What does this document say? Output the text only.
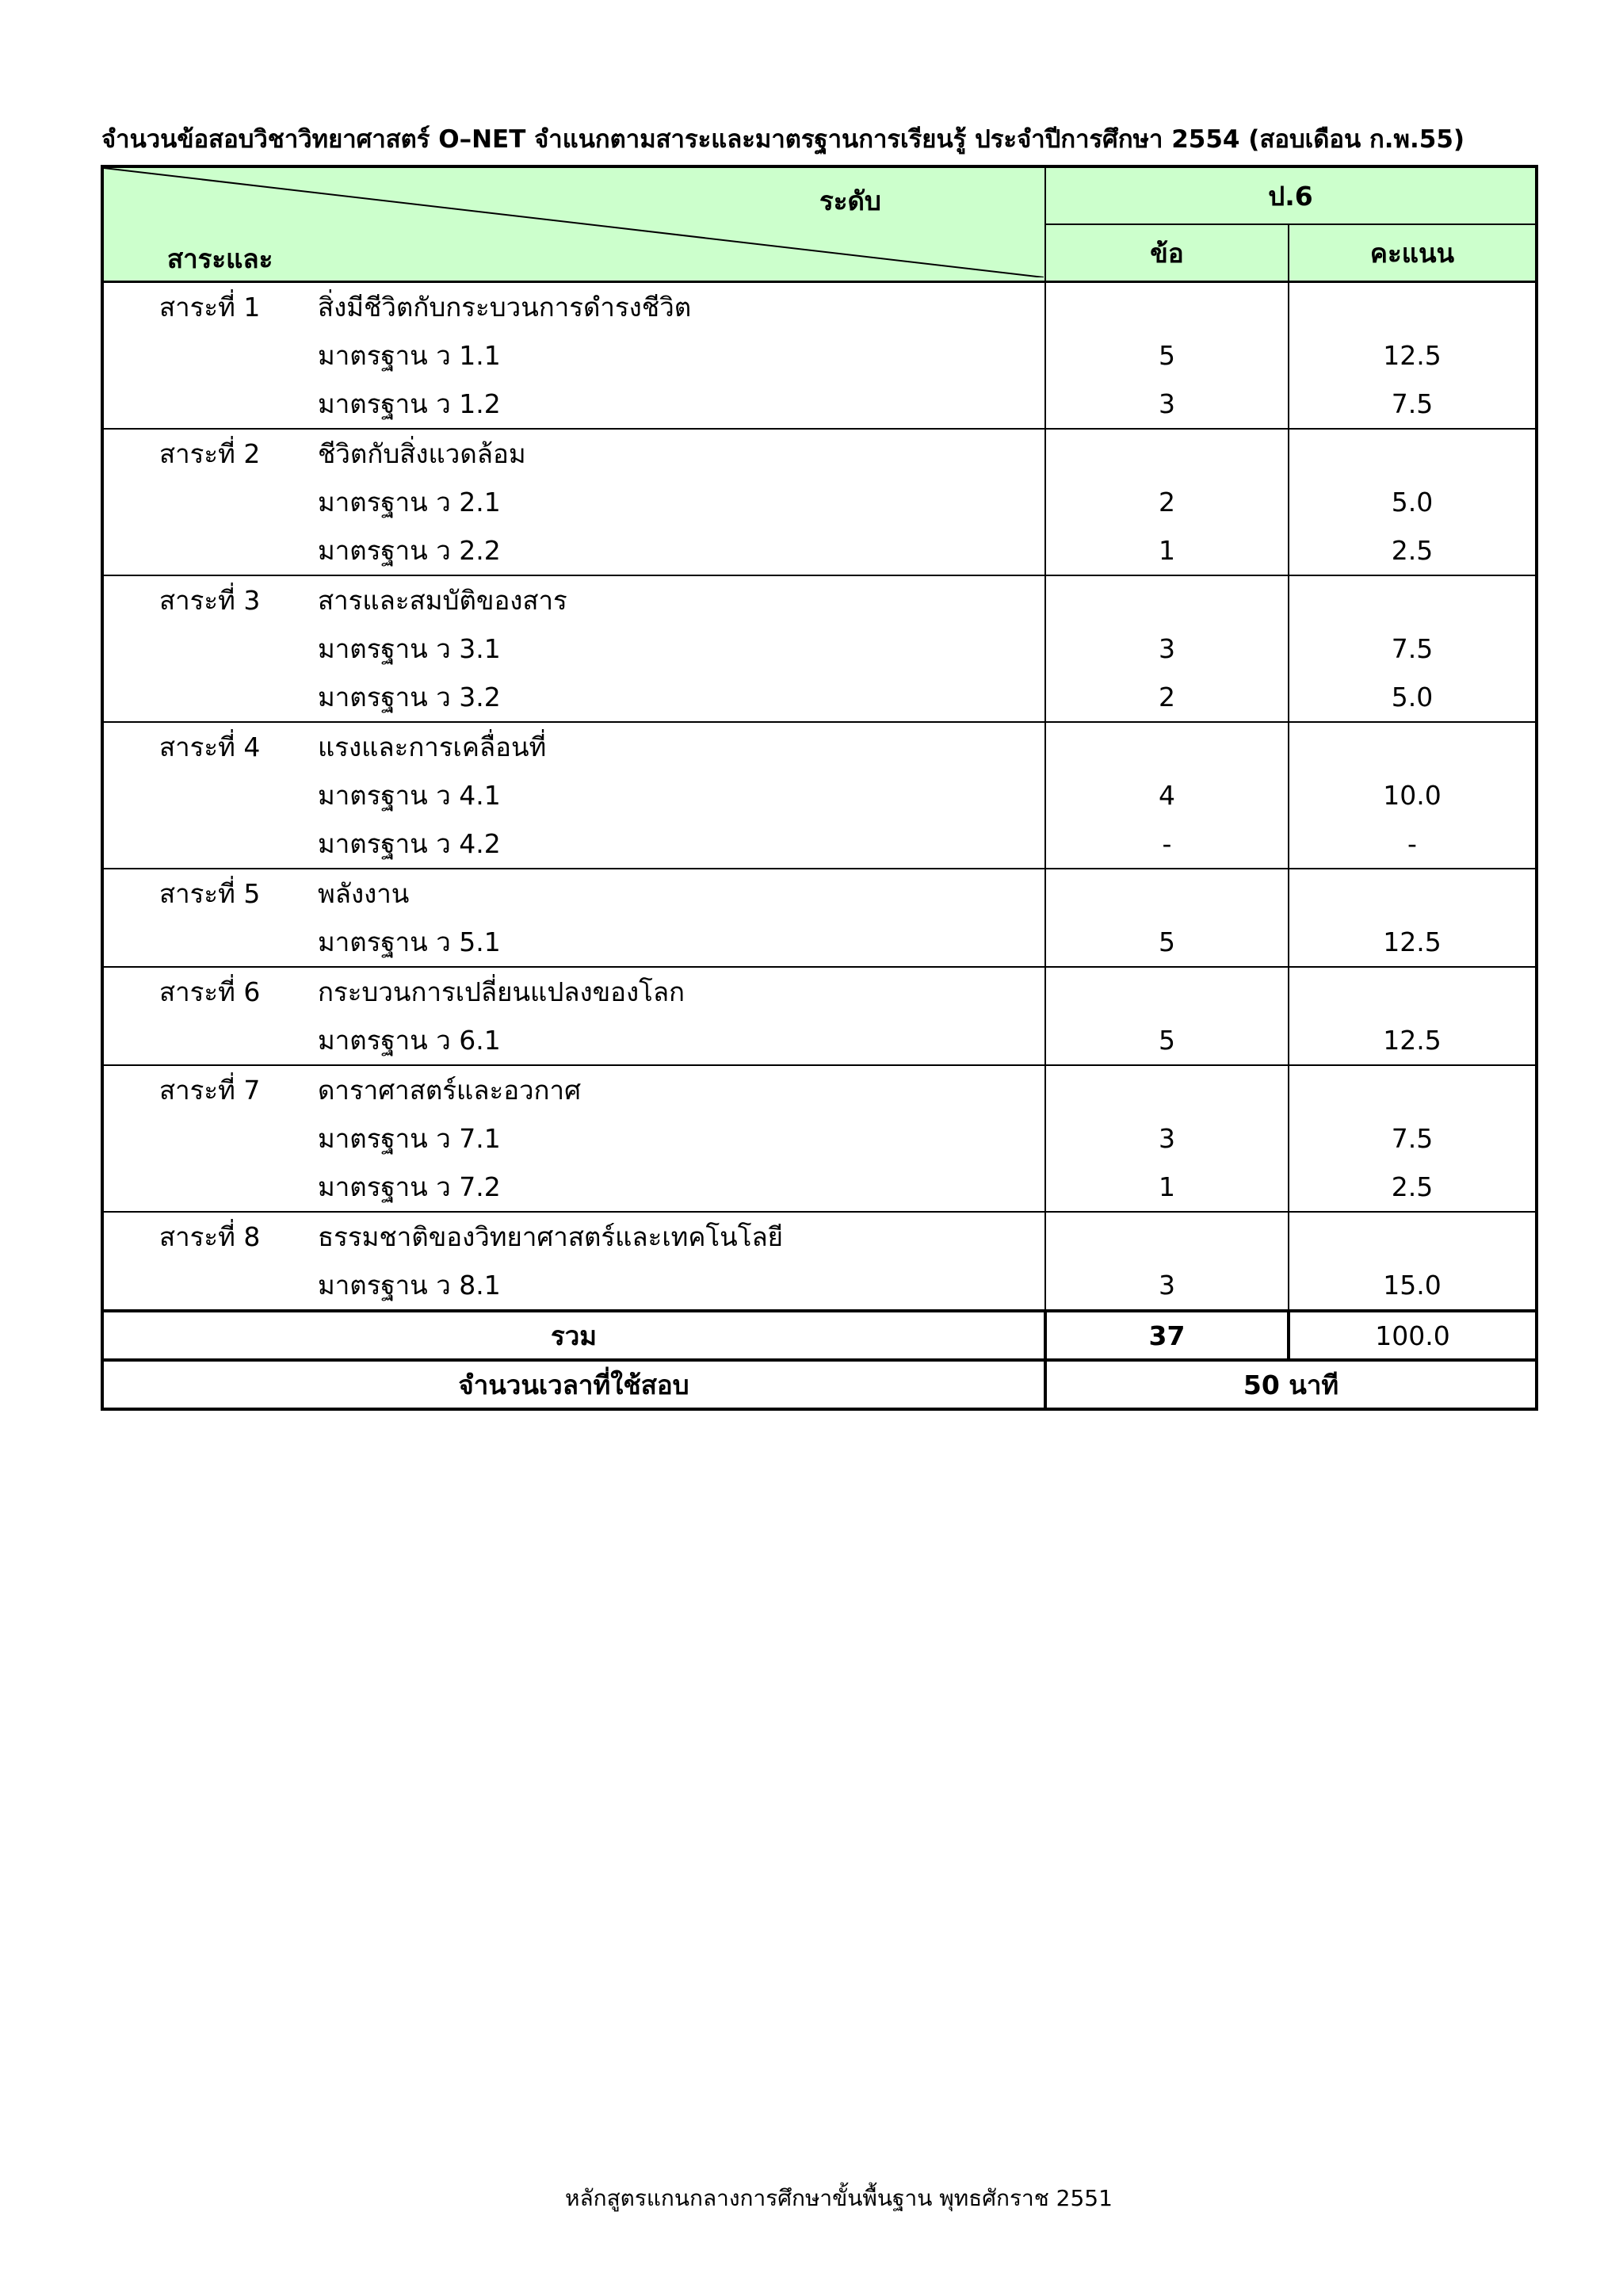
จำนวนข้อสอบวิชาวิทยาศาสตร์ O–NET จำแนกตามสาระและมาตรฐานการเรียนรู้ ประจำปีการศึกษา 2554 (สอบเดือน ก.พ.55)
ระดับ
สาระและ	ป.6	
	ข้อ	คะแนน
สาระที่ 1 สิ่งมีชีวิตกับกระบวนการดำรงชีวิต		
มาตรฐาน ว 1.1	5	12.5
มาตรฐาน ว 1.2	3	7.5
สาระที่ 2 ชีวิตกับสิ่งแวดล้อม		
มาตรฐาน ว 2.1	2	5.0
มาตรฐาน ว 2.2	1	2.5
สาระที่ 3 สารและสมบัติของสาร		
มาตรฐาน ว 3.1	3	7.5
มาตรฐาน ว 3.2	2	5.0
สาระที่ 4 แรงและการเคลื่อนที่		
มาตรฐาน ว 4.1	4	10.0
มาตรฐาน ว 4.2	-	-
สาระที่ 5 พลังงาน		
มาตรฐาน ว 5.1	5	12.5
สาระที่ 6 กระบวนการเปลี่ยนแปลงของโลก		
มาตรฐาน ว 6.1	5	12.5
สาระที่ 7 ดาราศาสตร์และอวกาศ		
มาตรฐาน ว 7.1	3	7.5
มาตรฐาน ว 7.2	1	2.5
สาระที่ 8 ธรรมชาติของวิทยาศาสตร์และเทคโนโลยี		
มาตรฐาน ว 8.1	3	15.0
รวม	37	100.0
จำนวนเวลาที่ใช้สอบ	50 นาที	
หลักสูตรแกนกลางการศึกษาขั้นพื้นฐาน พุทธศักราช 2551
